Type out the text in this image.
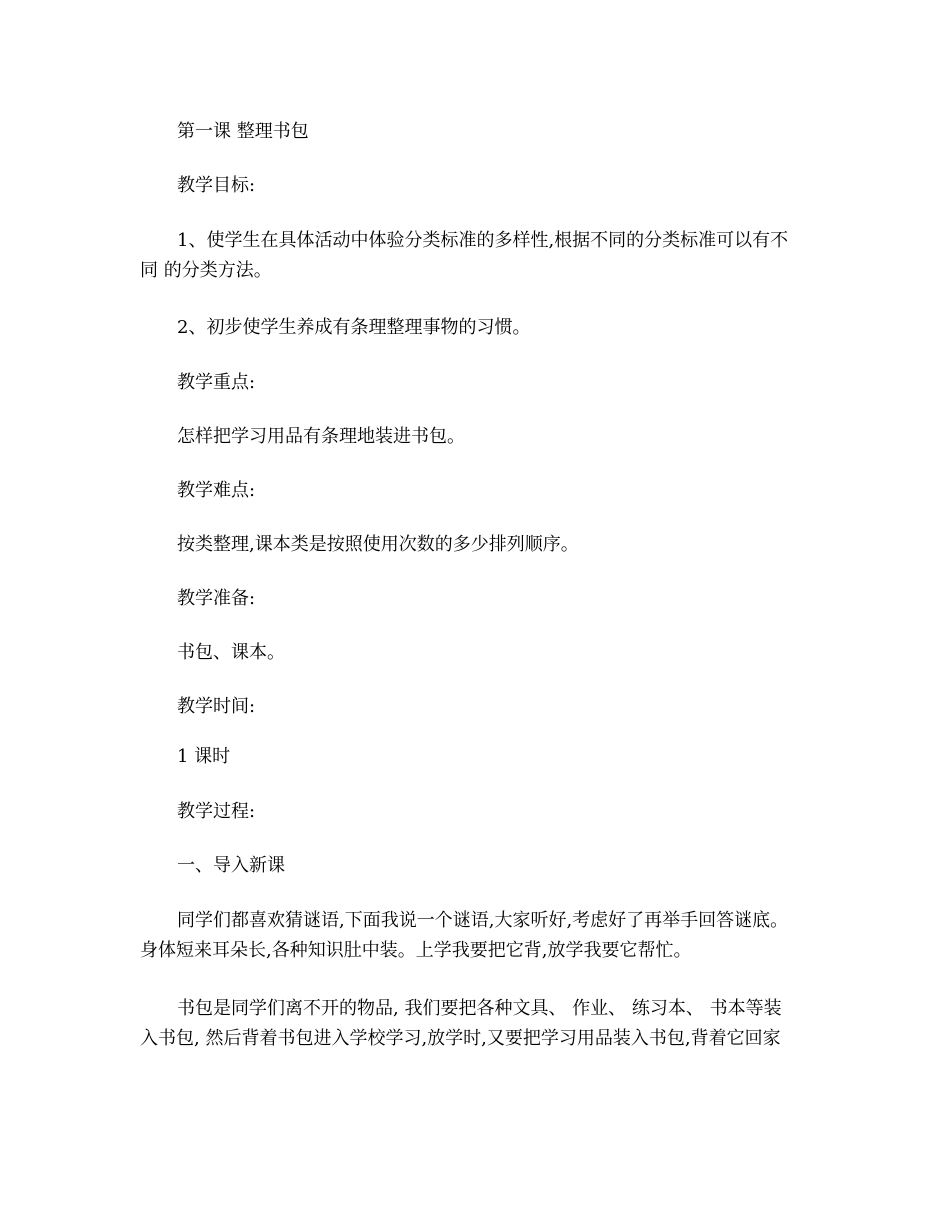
第一课 整理书包

教学目标:

1、使学生在具体活动中体验分类标准的多样性,根据不同的分类标准可以有不
同 的分类方法。

2、初步使学生养成有条理整理事物的习惯。

教学重点:

怎样把学习用品有条理地装进书包。

教学难点:

按类整理,课本类是按照使用次数的多少排列顺序。

教学准备:

书包、课本。

教学时间:

1 课时

教学过程:

一、导入新课

同学们都喜欢猜谜语,下面我说一个谜语,大家听好,考虑好了再举手回答谜底。
身体短来耳朵长,各种知识肚中装。上学我要把它背,放学我要它帮忙。

书包是同学们离不开的物品, 我们要把各种文具、 作业、 练习本、 书本等装
入书包, 然后背着书包进入学校学习,放学时,又要把学习用品装入书包,背着它回家
